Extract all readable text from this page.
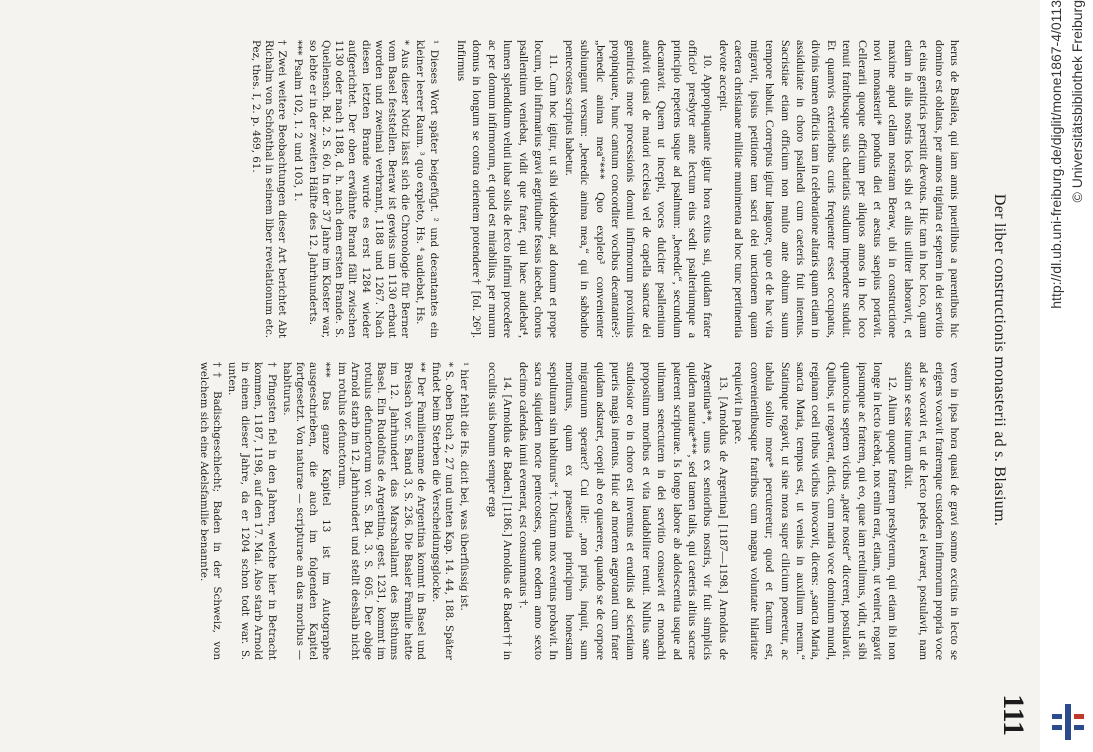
111
Der liber constructionis monasterii ad s. Blasium.

herus de Basilea, qui iam annis puerilibus a parentibus hic domino est oblatus, per annos triginta et septem in dei servitio et eius genitricis perstitit devotus. Hic tam in hoc loco, quam etiam in aliis nostris locis sibi et aliis utiliter laboravit, et maxime apud cellam nostram Beraw, ubi in constructione novi monasterii* pondus diei et aestus saepius portavit. Cellerarii quoque officium per aliquos annos in hoc loco tenuit fratribusque suis charitatis studium impendere studuit. Et quamvis exterioribus curis frequenter esset occupatus, divinis tamen officiis tam in celebratione altaris quam etiam in assiduitate in choro psallendi cum caeteris fuit intentus. Sacristiae etiam officium non multo ante obitum suum tempore habuit. Correptus igitur languore, quo et de hac vita migravit, ipsius petitione tam sacri olei unctionem quam caetera christianae militiae munimenta ad hoc tunc pertinentia devote accepit.

10. Appropinquante igitur hora exitus sui, quidam frater officio¹ presbyter ante lectum eius sedit psalteriumque a principio repetens usque ad psalmum: „benedic“, secundum decantavit. Quem ut incepit, voces dulciter psallentium audivit quasi de maiori ecclesia vel de capella sanctae dei genitricis more processionis domui infirmorum proximius propinquare, hunc cantum concorditer vocibus decantantes²: „benedic anima mea“*** Quo expleto³ convenienter subiungunt versum: „benedic anima mea,“ qui in sabbatho pentecostes scriptus habetur.

11. Cum hoc igitur, ut sibi videbatur, ad donum et prope locum, ubi infirmarius gravi aegritudine fessus iacebat, chorus psallentium veniebat, vidit que frater, qui haec audiebat⁴, lumen splendidum veluti iubar solis de lecto infirmi procedere ac per domum infirmorum, et quod est mirabilius, per murum domus in longum se contra orientem protendere† [fol. 26ᵇ]. Infirmus

¹ Dieses Wort später beigefügt. ² und decantantes ein kleiner leerer Raum. ³ quo expleto, Hs. ⁴ audiebat, Hs.

* Aus dieser Notiz lässt sich die Chronologie für Berner vom Basel feststellen. Beraw ist gewiss um 1130 erbaut worden und zweimal verbrannt, 1188 und 1267. Nach diesen letzten Brande wurde es erst 1284 wieder aufgerichtet. Der oben erwähnte Brand fällt zwischen 1130 oder nach 1188, d. h. nach dem ersten Brande. S. Quellensch. Bd. 2. S. 60. In der 37 Jahre im Kloster war, so lebte er in der zweiten Hälfte des 12. Jahrhunderts.

*** Psalm 102, 1. 2 und 103, 1.

† Zwei weitere Beobachtungen dieser Art berichtet Abt Richalm von Schönthal in seinem liber revelationum etc. Pez, thes. I, 2. p. 469, 61.

vero in ipsa hora quasi de gravi somno excitus in lecto se erigens vocavit fratremque custodem infirmorum propria voce ad se vocavit et, ut de lecto pedes ei levaret, postulavit, nam statim se esse iturum dixit.

12. Alium quoque fratrem presbyterum, qui etiam ibi non longe in lecto iacebat, nox enim erat, etiam, ut veniret, rogavit ipsumque ac fratrem, qui eo, quae iam retulimus, vidit, ut sibi quantocius septem vicibus „pater noster“ dicerent, postulavit. Quibus, ut rogaverat, dictis, cum maria voce dominum mundi, reginam coeli tribus vicibus invocavit, dicens: „sancta Maria, sancta Maria, tempus est, ut venias in auxilium meum.“ Statimque rogavit, ut sine mora super cilicium poneretur, ac tabula solito more* percuteretur; quod et factum est, convenientibusque fratribus cum magna voluntate hilaritate requievit in pace.

13. [Arnoldus de Argentina] [1187—1198.] Arnoldus de Argentina**, unus ex senioribus nostris, vir fuit simplicis quidem naturae***, sed tamen talis, qui caeteris altius sacrae paterent scripturae. Is longo labore ab adolescentia usque ad ultimam senectutem in dei servitio consuevit et monachi propositum moribus et vita laudabiliter tenuit. Nullus sane studiosior eo in choro est inventus et eruditis ad scientiam pueris magis intentus. Huic ad mortem aegrotanti cum frater quidam adstaret, coepit ab eo quaerere, quando se de corpore migraturum speraret? Cui ille: „non prius, inquit, sum moriturus, quam ex praesentia principum honestam sepulturam sim habiturus“ †. Dictum mox eventus probavit. In sacra siquidem nocte pentecostes, quae eodem anno sexto decimo calendas iunii evenerat, est consummatus †.

14. [Arnoldus de Baden.] [1186.] Arnoldus de Baden†† in occultis suis bonum semper erga

¹ hier fehlt die Hs. dicit bei, was überflüssig ist.

* S. oben Buch 2, 27 und unten Kap. 14. 44, 188. Später findet beim Sterben die Verscheidungsglocke.

** Der Familienname de Argentina kommt in Basel und Breisach vor. S. Band 3, S. 236. Die Basler Familie hatte im 12. Jahrhundert das Marschallamt des Bisthums Basel. Ein Rudolfus de Argentina, gest. 1231, kommt im rotulus defunctorum vor. S. Bd. 3. S. 605. Der obige Arnold starb im 12. Jahrhundert und stellt deshalb nicht im rotulus defunctorum.

*** Das ganze Kapitel 13 ist im Autographe ausgeschrieben, die auch im folgenden Kapitel fortgesetzt. Von naturae — scripturae an das moribus — habiturus.

† Pfingsten fiel in den Jahren, welche hier in Betracht kommen, 1187, 1198, auf den 17. Mai. Also starb Arnold in einem dieser Jahre, da er 1204 schon todt war. S. unten.

†† Badischgeschlecht; Baden in der Schweiz, von welchem sich eine Adelsfamilie benannte.

http://dl.ub.uni-freiburg.de/diglit/mone1867-4/0113 © Universitätsbibliothek Freiburg
